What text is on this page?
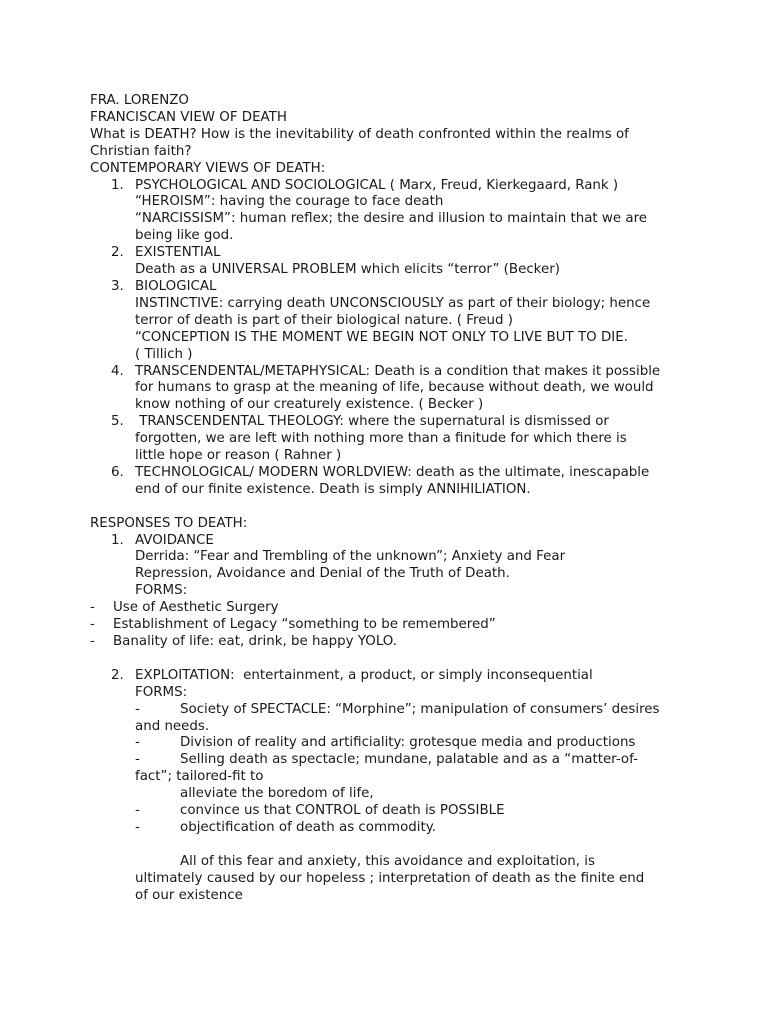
FRA. LORENZO
FRANCISCAN VIEW OF DEATH
What is DEATH? How is the inevitability of death confronted within the realms of
Christian faith?
CONTEMPORARY VIEWS OF DEATH:
1. PSYCHOLOGICAL AND SOCIOLOGICAL ( Marx, Freud, Kierkegaard, Rank )
“HEROISM”: having the courage to face death
“NARCISSISM”: human reflex; the desire and illusion to maintain that we are
being like god.
2. EXISTENTIAL
Death as a UNIVERSAL PROBLEM which elicits “terror” (Becker)
3. BIOLOGICAL
INSTINCTIVE: carrying death UNCONSCIOUSLY as part of their biology; hence
terror of death is part of their biological nature. ( Freud )
“CONCEPTION IS THE MOMENT WE BEGIN NOT ONLY TO LIVE BUT TO DIE.
( Tillich )
4. TRANSCENDENTAL/METAPHYSICAL: Death is a condition that makes it possible
for humans to grasp at the meaning of life, because without death, we would
know nothing of our creaturely existence. ( Becker )
5. TRANSCENDENTAL THEOLOGY: where the supernatural is dismissed or
forgotten, we are left with nothing more than a finitude for which there is
little hope or reason ( Rahner )
6. TECHNOLOGICAL/ MODERN WORLDVIEW: death as the ultimate, inescapable
end of our finite existence. Death is simply ANNIHILIATION.
RESPONSES TO DEATH:
1. AVOIDANCE
Derrida: “Fear and Trembling of the unknown”; Anxiety and Fear
Repression, Avoidance and Denial of the Truth of Death.
FORMS:
- Use of Aesthetic Surgery
- Establishment of Legacy “something to be remembered”
- Banality of life: eat, drink, be happy YOLO.
2. EXPLOITATION:  entertainment, a product, or simply inconsequential
FORMS:
-	Society of SPECTACLE: “Morphine”; manipulation of consumers’ desires
and needs.
-	Division of reality and artificiality: grotesque media and productions
-	Selling death as spectacle; mundane, palatable and as a “matter-of-
fact”; tailored-fit to
alleviate the boredom of life,
-	convince us that CONTROL of death is POSSIBLE
-	objectification of death as commodity.
All of this fear and anxiety, this avoidance and exploitation, is
ultimately caused by our hopeless ; interpretation of death as the finite end
of our existence
